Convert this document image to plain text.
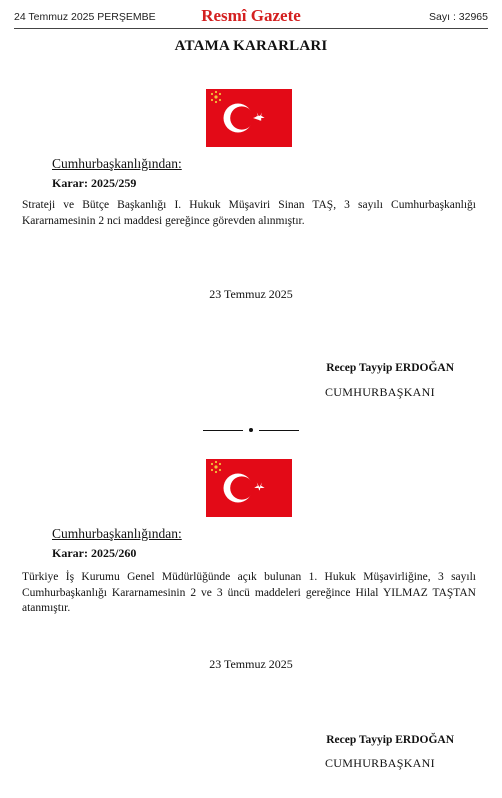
24 Temmuz 2025 PERŞEMBE	Resmî Gazete	Sayı : 32965
ATAMA KARARLARI
Cumhurbaşkanlığından:
Karar: 2025/259
Strateji ve Bütçe Başkanlığı I. Hukuk Müşaviri Sinan TAŞ, 3 sayılı Cumhurbaşkanlığı Kararnamesinin 2 nci maddesi gereğince görevden alınmıştır.
23 Temmuz 2025
Recep Tayyip ERDOĞAN
CUMHURBAŞKANI
Cumhurbaşkanlığından:
Karar: 2025/260
Türkiye İş Kurumu Genel Müdürlüğünde açık bulunan 1. Hukuk Müşavirliğine, 3 sayılı Cumhurbaşkanlığı Kararnamesinin 2 ve 3 üncü maddeleri gereğince Hilal YILMAZ TAŞTAN atanmıştır.
23 Temmuz 2025
Recep Tayyip ERDOĞAN
CUMHURBAŞKANI
